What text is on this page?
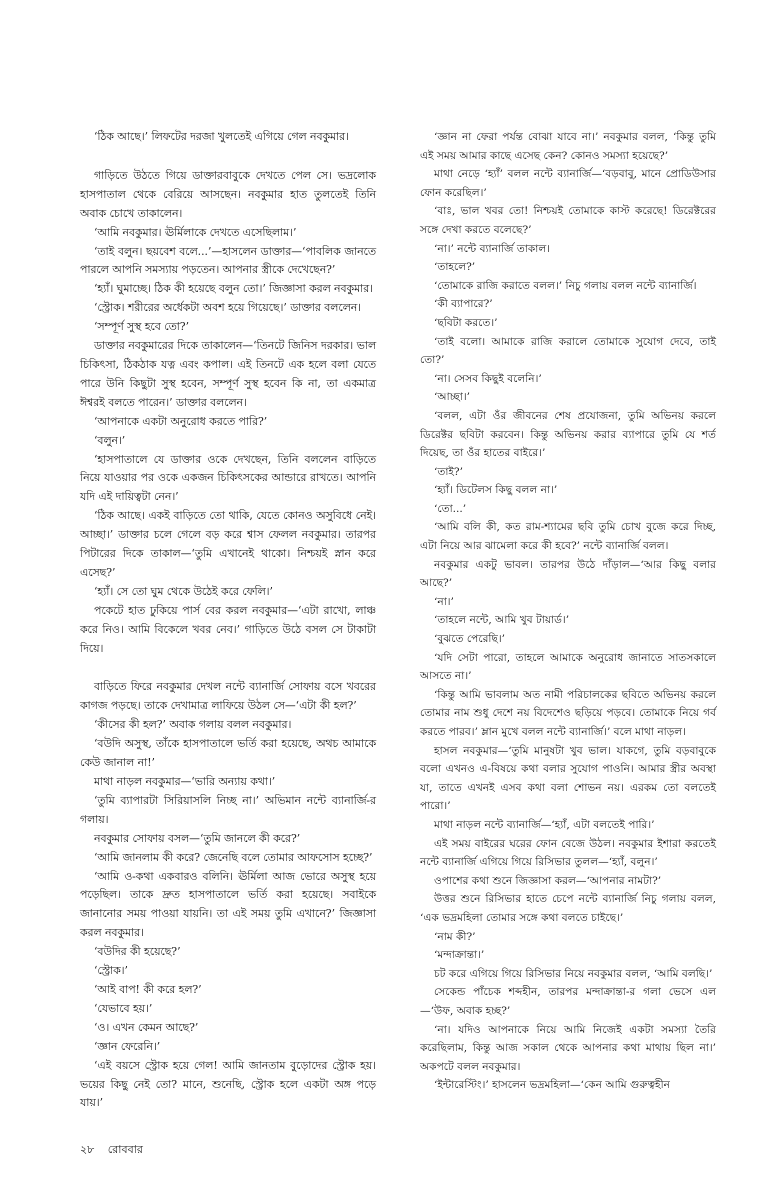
‘ঠিক আছে।’ লিফটের দরজা খুলতেই এগিয়ে গেল নবকুমার।

গাড়িতে উঠতে গিয়ে ডাক্তারবাবুকে দেখতে পেল সে। ভদ্রলোক হাসপাতাল থেকে বেরিয়ে আসছেন। নবকুমার হাত তুলতেই তিনি অবাক চোখে তাকালেন।

‘আমি নবকুমার। ঊর্মিলাকে দেখতে এসেছিলাম।’

‘তাই বলুন। ছয়বেশ বলে...’—হাসলেন ডাক্তার—‘পাবলিক জানতে পারলে আপনি সমস্যায় পড়তেন। আপনার স্ত্রীকে দেখেছেন?’

‘হ্যাঁ। ঘুমাচ্ছে। ঠিক কী হয়েছে বলুন তো।’ জিজ্ঞাসা করল নবকুমার।

‘স্ট্রোক। শরীরের অর্ধেকটা অবশ হয়ে গিয়েছে।’ ডাক্তার বললেন।

‘সম্পূর্ণ সুস্থ হবে তো?’

ডাক্তার নবকুমারের দিকে তাকালেন—‘তিনটে জিনিস দরকার। ভাল চিকিৎসা, ঠিকঠাক যত্ন এবং কপাল। এই তিনটে এক হলে বলা যেতে পারে উনি কিছুটা সুস্থ হবেন, সম্পূর্ণ সুস্থ হবেন কি না, তা একমাত্র ঈশ্বরই বলতে পারেন।’ ডাক্তার বললেন।

‘আপনাকে একটা অনুরোধ করতে পারি?’

‘বলুন।’

‘হাসপাতালে যে ডাক্তার ওকে দেখছেন, তিনি বললেন বাড়িতে নিয়ে যাওয়ার পর ওকে একজন চিকিৎসকের আন্ডারে রাখতে। আপনি যদি এই দায়িত্বটা নেন।’

‘ঠিক আছে। একই বাড়িতে তো থাকি, যেতে কোনও অসুবিধে নেই। আচ্ছা।’ ডাক্তার চলে গেলে বড় করে শ্বাস ফেলল নবকুমার। তারপর পিটারের দিকে তাকাল—‘তুমি এখানেই থাকো। নিশ্চয়ই স্নান করে এসেছ?’

‘হ্যাঁ। সে তো ঘুম থেকে উঠেই করে ফেলি।’

পকেটে হাত ঢুকিয়ে পার্স বের করল নবকুমার—‘এটা রাখো, লাঞ্চ করে নিও। আমি বিকেলে খবর নেব।’ গাড়িতে উঠে বসল সে টাকাটা দিয়ে।

বাড়িতে ফিরে নবকুমার দেখল নন্টে ব্যানার্জি সোফায় বসে খবরের কাগজ পড়ছে। তাকে দেখামাত্র লাফিয়ে উঠল সে—‘এটা কী হল?’

‘কীসের কী হল?’ অবাক গলায় বলল নবকুমার।

‘বউদি অসুস্থ, তাঁকে হাসপাতালে ভর্তি করা হয়েছে, অথচ আমাকে কেউ জানাল না!’

মাথা নাড়ল নবকুমার—‘ভারি অন্যায় কথা।’

‘তুমি ব্যাপারটা সিরিয়াসলি নিচ্ছ না।’ অভিমান নন্টে ব্যানার্জি-র গলায়।

নবকুমার সোফায় বসল—‘তুমি জানলে কী করে?’

‘আমি জানলাম কী করে? জেনেছি বলে তোমার আফসোস হচ্ছে?’

‘আমি ও-কথা একবারও বলিনি। ঊর্মিলা আজ ভোরে অসুস্থ হয়ে পড়েছিল। তাকে দ্রুত হাসপাতালে ভর্তি করা হয়েছে। সবাইকে জানানোর সময় পাওয়া যায়নি। তা এই সময় তুমি এখানে?’ জিজ্ঞাসা করল নবকুমার।

‘বউদির কী হয়েছে?’

‘স্ট্রোক।’

‘আই বাপ! কী করে হল?’

‘যেভাবে হয়।’

‘ও। এখন কেমন আছে?’

‘জ্ঞান ফেরেনি।’

‘এই বয়সে স্ট্রোক হয়ে গেল! আমি জানতাম বুড়োদের স্ট্রোক হয়। ভয়ের কিছু নেই তো? মানে, শুনেছি, স্ট্রোক হলে একটা অঙ্গ পড়ে যায়।’

‘জ্ঞান না ফেরা পর্যন্ত বোঝা যাবে না।’ নবকুমার বলল, ‘কিন্তু তুমি এই সময় আমার কাছে এসেছ কেন? কোনও সমস্যা হয়েছে?’

মাথা নেড়ে ‘হ্যাঁ’ বলল নন্টে ব্যানার্জি—‘বড়বাবু, মানে প্রোডিউসার ফোন করেছিল।’

‘বাঃ, ভাল খবর তো! নিশ্চয়ই তোমাকে কাস্ট করেছে! ডিরেক্টরের সঙ্গে দেখা করতে বলেছে?’

‘না।’ নন্টে ব্যানার্জি তাকাল।

‘তাহলে?’

‘তোমাকে রাজি করাতে বলল।’ নিচু গলায় বলল নন্টে ব্যানার্জি।

‘কী ব্যাপারে?’

‘ছবিটা করতে।’

‘তাই বলো। আমাকে রাজি করালে তোমাকে সুযোগ দেবে, তাই তো?’

‘না। সেসব কিছুই বলেনি।’

‘আচ্ছা।’

‘বলল, এটা ওঁর জীবনের শেষ প্রযোজনা, তুমি অভিনয় করলে ডিরেক্টর ছবিটা করবেন। কিন্তু অভিনয় করার ব্যাপারে তুমি যে শর্ত দিয়েছ, তা ওঁর হাতের বাইরে।’

‘তাই?’

‘হ্যাঁ। ডিটেলস কিছু বলল না।’

‘তো...’

‘আমি বলি কী, কত রাম-শ্যামের ছবি তুমি চোখ বুজে করে দিচ্ছ, এটা নিয়ে আর ঝামেলা করে কী হবে?’ নন্টে ব্যানার্জি বলল।

নবকুমার একটু ভাবল। তারপর উঠে দাঁড়াল—‘আর কিছু বলার আছে?’

‘না।’

‘তাহলে নন্টে, আমি খুব টায়ার্ড।’

‘বুঝতে পেরেছি।’

‘যদি সেটা পারো, তাহলে আমাকে অনুরোধ জানাতে সাতসকালে আসতে না।’

‘কিন্তু আমি ভাবলাম অত নামী পরিচালকের ছবিতে অভিনয় করলে তোমার নাম শুধু দেশে নয় বিদেশেও ছড়িয়ে পড়বে। তোমাকে নিয়ে গর্ব করতে পারব।’ ম্লান মুখে বলল নন্টে ব্যানার্জি।’ বলে মাথা নাড়ল।

হাসল নবকুমার—‘তুমি মানুষটা খুব ভাল। যাকগে, তুমি বড়বাবুকে বলো এখনও এ-বিষয়ে কথা বলার সুযোগ পাওনি। আমার স্ত্রীর অবস্থা যা, তাতে এখনই এসব কথা বলা শোভন নয়। এরকম তো বলতেই পারো।’

মাথা নাড়ল নন্টে ব্যানার্জি—‘হ্যাঁ, এটা বলতেই পারি।’

এই সময় বাইরের ঘরের ফোন বেজে উঠল। নবকুমার ইশারা করতেই নন্টে ব্যানার্জি এগিয়ে গিয়ে রিসিভার তুলল—‘হ্যাঁ, বলুন।’

ওপাশের কথা শুনে জিজ্ঞাসা করল—‘আপনার নামটা?’

উত্তর শুনে রিসিভার হাতে চেপে নন্টে ব্যানার্জি নিচু গলায় বলল, ‘এক ভদ্রমহিলা তোমার সঙ্গে কথা বলতে চাইছে।’

‘নাম কী?’

‘মন্দাক্রান্তা।’

চট করে এগিয়ে গিয়ে রিসিভার নিয়ে নবকুমার বলল, ‘আমি বলছি।’

সেকেন্ড পাঁচেক শব্দহীন, তারপর মন্দাক্রান্তা-র গলা ভেসে এল—‘উফ, অবাক হচ্ছ?’

‘না। যদিও আপনাকে নিয়ে আমি নিজেই একটা সমস্যা তৈরি করেছিলাম, কিন্তু আজ সকাল থেকে আপনার কথা মাথায় ছিল না।’ অকপটে বলল নবকুমার।

‘ইন্টারেস্টিং।’ হাসলেন ভদ্রমহিলা—‘কেন আমি গুরুত্বহীন

২৮ রোববার
